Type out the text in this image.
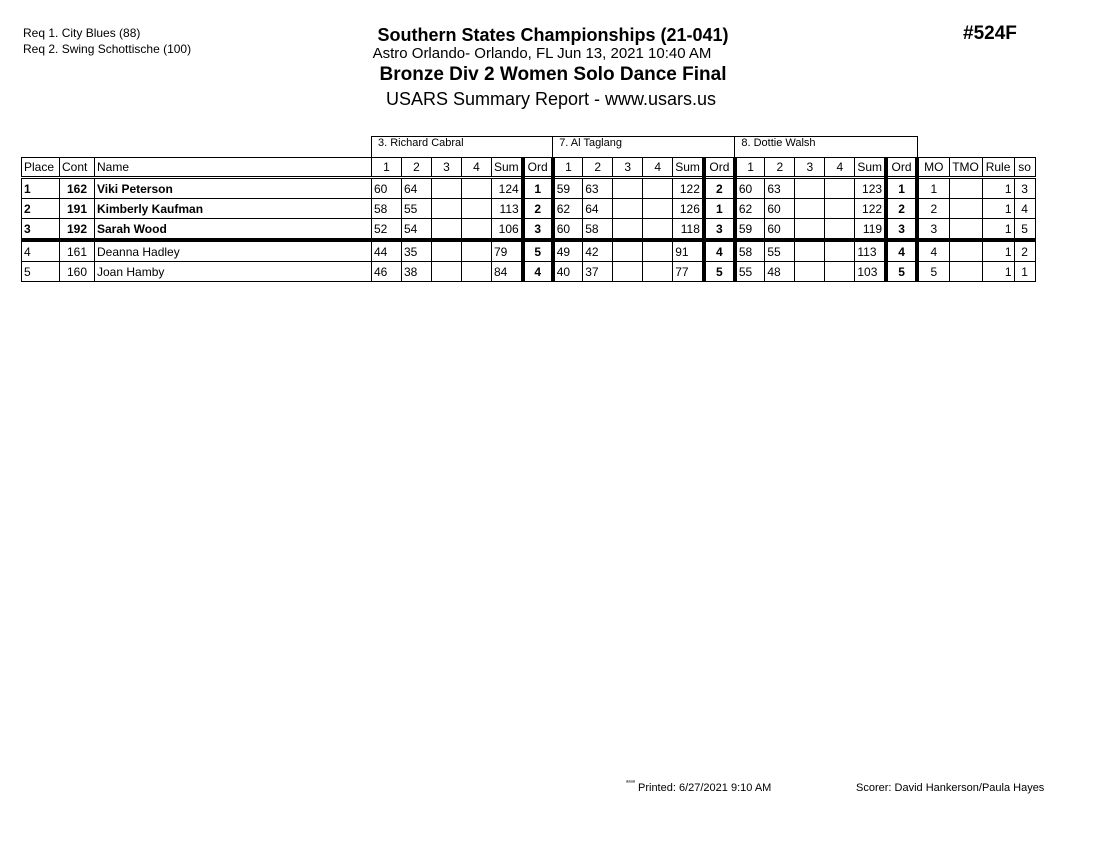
Req 1. City Blues (88)
Req 2. Swing Schottische (100)
Southern States Championships (21-041)
Astro Orlando- Orlando, FL Jun 13, 2021 10:40 AM
Bronze Div 2 Women Solo Dance Final
USARS Summary Report - www.usars.us
#524F
			3. Richard Cabral						7. Al Taglang						8. Dottie Walsh									
Place	Cont	Name	1	2	3	4	Sum	Ord	1	2	3	4	Sum	Ord	1	2	3	4	Sum	Ord	MO	TMO	Rule	so
1	162	Viki Peterson	60	64			124	1	59	63			122	2	60	63			123	1	1		1	3
2	191	Kimberly Kaufman	58	55			113	2	62	64			126	1	62	60			122	2	2		1	4
3	192	Sarah Wood	52	54			106	3	60	58			118	3	59	60			119	3	3		1	5
4	161	Deanna Hadley	44	35			79	5	49	42			91	4	58	55			113	4	4		1	2
5	160	Joan Hamby	46	38			84	4	40	37			77	5	55	48			103	5	5		1	1
$^{ᵃᵃᵃᵃ}$ Printed: 6/27/2021 9:10 AM	Scorer: David Hankerson/Paula Hayes
